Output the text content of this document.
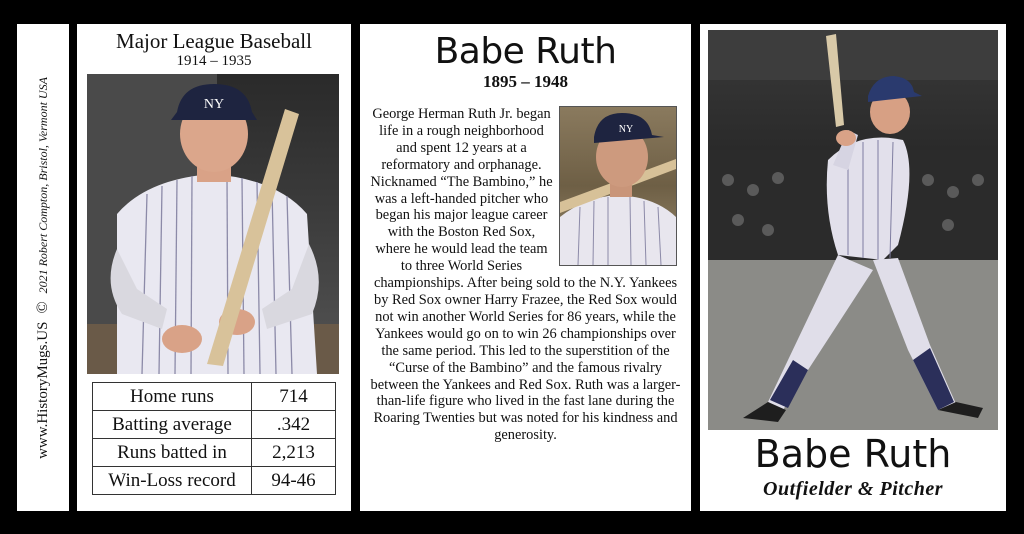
www.HistoryMugs.US
©
2021 Robert Compton, Bristol, Vermont USA
Major League Baseball
1914 – 1935
NY
Home runs	714
Batting average	.342
Runs batted in	2,213
Win-Loss record	94-46
Babe Ruth
1895 – 1948
NY
George Herman Ruth Jr. began life in a rough neighborhood and spent 12 years at a reformatory and orphanage. Nicknamed “The Bambino,” he was a left-handed pitcher who began his major league career with the Boston Red Sox, where he would lead the team to three World Series championships. After being sold to the N.Y. Yankees by Red Sox owner Harry Frazee, the Red Sox would not win another World Series for 86 years, while the Yankees would go on to win 26 championships over the same period. This led to the superstition of the “Curse of the Bambino” and the famous rivalry between the Yankees and Red Sox. Ruth was a larger-than-life figure who lived in the fast lane during the Roaring Twenties but was noted for his kindness and generosity.	Babe Ruth
Outfielder & Pitcher
